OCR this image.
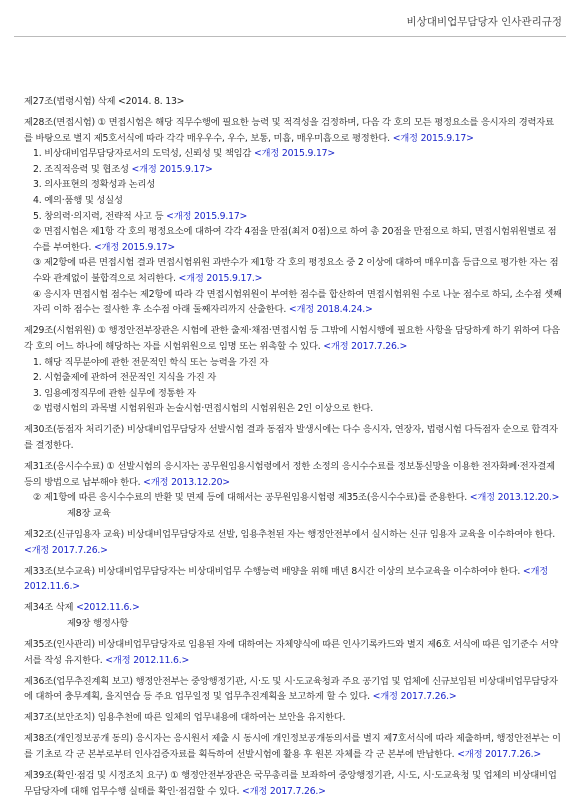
비상대비업무담당자 인사관리규정
제27조(법령시험) 삭제 <2014. 8. 13>
제28조(면접시험) ① 면접시험은 해당 직무수행에 필요한 능력 및 적격성을 검정하며, 다음 각 호의 모든 평정요소를 응시자의 경력자료를 바탕으로 별지 제5호서식에 따라 각각 매우우수, 우수, 보통, 미흡, 매우미흡으로 평정한다. <개정 2015.9.17>
1. 비상대비업무담당자로서의 도덕성, 신뢰성 및 책임감 <개정 2015.9.17>
2. 조직적응력 및 협조성 <개정 2015.9.17>
3. 의사표현의 정확성과 논리성
4. 예의·품행 및 성실성
5. 창의력·의지력, 전략적 사고 등 <개정 2015.9.17>
② 면접시험은 제1항 각 호의 평정요소에 대하여 각각 4점을 만점(최저 0점)으로 하여 총 20점을 만점으로 하되, 면접시험위원별로 점수를 부여한다. <개정 2015.9.17>
③ 제2항에 따른 면접시험 결과 면접시험위원 과반수가 제1항 각 호의 평정요소 중 2 이상에 대하여 매우미흡 등급으로 평가한 자는 점수와 관계없이 불합격으로 처리한다. <개정 2015.9.17.>
④ 응시자 면접시험 점수는 제2항에 따라 각 면접시험위원이 부여한 점수를 합산하여 면접시험위원 수로 나눈 점수로 하되, 소수점 셋째자리 이하 점수는 절사한 후 소수점 아래 둘째자리까지 산출한다. <개정 2018.4.24.>
제29조(시험위원) ① 행정안전부장관은 시험에 관한 출제·채점·면접시험 등 그밖에 시험시행에 필요한 사항을 담당하게 하기 위하여 다음 각 호의 어느 하나에 해당하는 자를 시험위원으로 임명 또는 위촉할 수 있다. <개정 2017.7.26.>
1. 해당 직무분야에 관한 전문적인 학식 또는 능력을 가진 자
2. 시험출제에 관하여 전문적인 지식을 가진 자
3. 임용예정직무에 관한 실무에 정통한 자
② 법령시험의 과목별 시험위원과 논술시험·면접시험의 시험위원은 2인 이상으로 한다.
제30조(동점자 처리기준) 비상대비업무담당자 선발시험 결과 동점자 발생시에는 다수 응시자, 연장자, 법령시험 다득점자 순으로 합격자를 결정한다.
제31조(응시수수료) ① 선발시험의 응시자는 공무원임용시험령에서 정한 소정의 응시수수료를 정보통신망을 이용한 전자화폐·전자결제 등의 방법으로 납부해야 한다. <개정 2013.12.20>
② 제1항에 따른 응시수수료의 반환 및 면제 등에 대해서는 공무원임용시험령 제35조(응시수수료)를 준용한다. <개정 2013.12.20.>
제8장 교육
제32조(신규임용자 교육) 비상대비업무담당자로 선발, 임용추천된 자는 행정안전부에서 실시하는 신규 임용자 교육을 이수하여야 한다. <개정 2017.7.26.>
제33조(보수교육) 비상대비업무담당자는 비상대비업무 수행능력 배양을 위해 매년 8시간 이상의 보수교육을 이수하여야 한다. <개정 2012.11.6.>
제34조 삭제 <2012.11.6.>
제9장 행정사항
제35조(인사관리) 비상대비업무담당자로 임용된 자에 대하여는 자체양식에 따른 인사기록카드와 별지 제6호 서식에 따른 임기준수 서약서를 작성 유지한다. <개정 2012.11.6.>
제36조(업무추진계획 보고) 행정안전부는 중앙행정기관, 시·도 및 시·도교육청과 주요 공기업 및 업체에 신규보임된 비상대비업무담당자에 대하여 충무계획, 을지연습 등 주요 업무일정 및 업무추진계획을 보고하게 할 수 있다. <개정 2017.7.26.>
제37조(보안조치) 임용추천에 따른 일체의 업무내용에 대하여는 보안을 유지한다.
제38조(개인정보공개 동의) 응시자는 응시원서 제출 시 동시에 개인정보공개동의서를 별지 제7호서식에 따라 제출하며, 행정안전부는 이를 기초로 각 군 본부로부터 인사검증자료를 획득하여 선발시험에 활용 후 원본 자체를 각 군 본부에 반납한다. <개정 2017.7.26.>
제39조(확인·점검 및 시정조치 요구) ① 행정안전부장관은 국무총리를 보좌하여 중앙행정기관, 시·도, 시·도교육청 및 업체의 비상대비업무담당자에 대해 업무수행 실태를 확인·점검할 수 있다. <개정 2017.7.26.>
